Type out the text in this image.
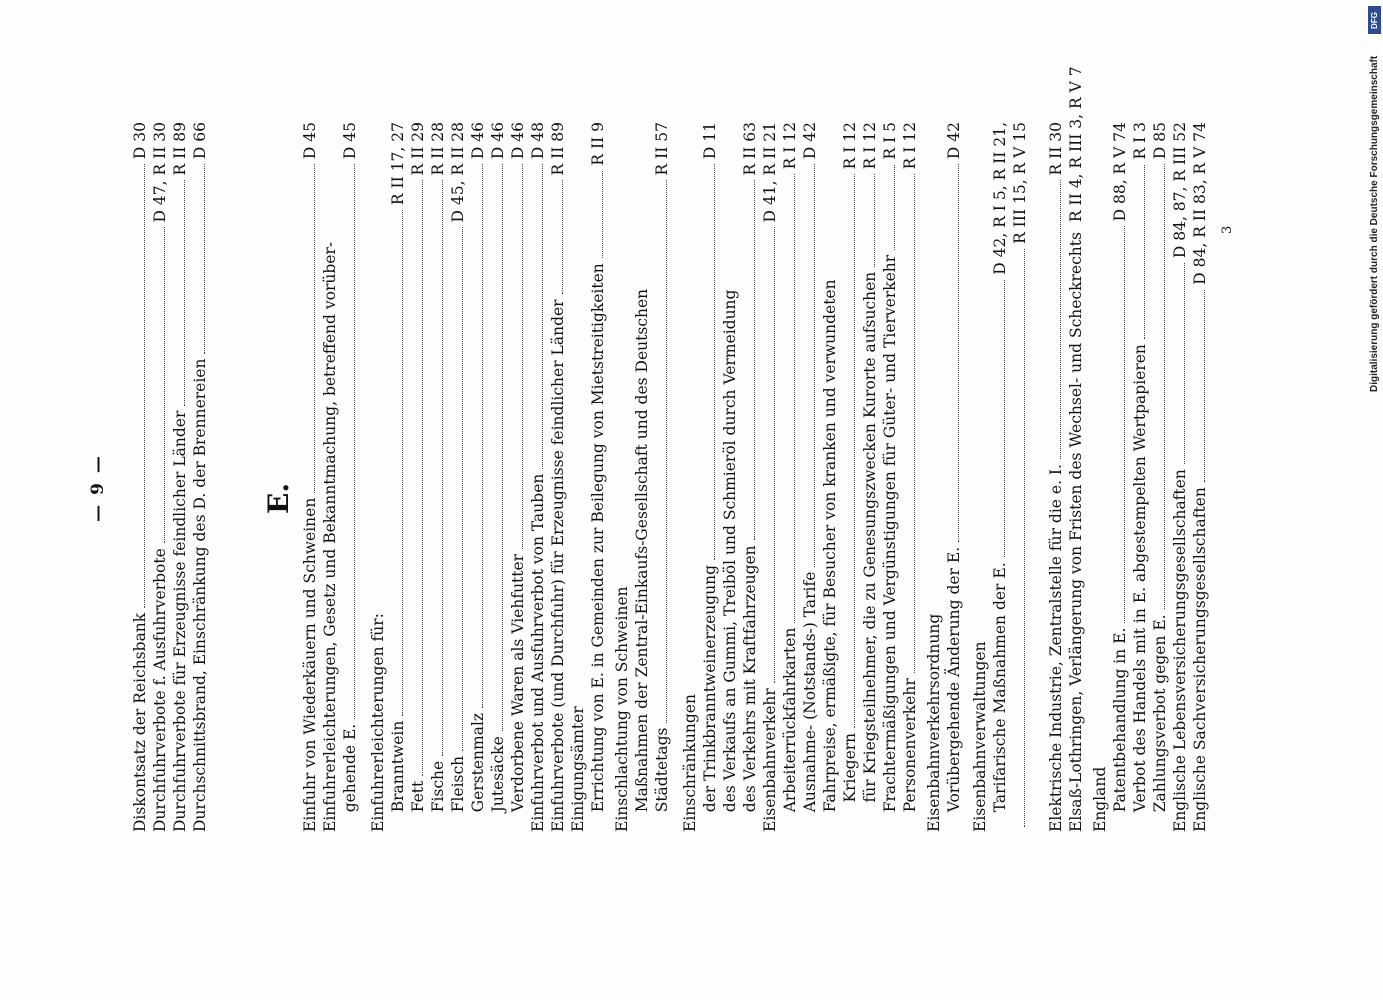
— 9 —	E.
Diskontsatz der Reichsbank
D 30
Durchfuhrverbote f. Ausfuhrverbote
D 47, R II 30
Durchfuhrverbote für Erzeugnisse feindlicher Länder
R II 89
Durchschnittsbrand, Einschränkung des D. der Brennereien
D 66
Einfuhr von Wiederkäuern und Schweinen
D 45
Einfuhrerleichterungen, Gesetz und Bekanntmachung, betreffend vorüber- gehende E.
D 45
Einfuhrerleichterungen für: Branntwein
R II 17, 27
Fett
R II 29
Fische
R II 28
Fleisch
D 45, R II 28
Gerstenmalz
D 46
Jutesäcke
D 46
Verdorbene Waren als Viehfutter
D 46
Einfuhrverbot und Ausfuhrverbot von Tauben
D 48
Einfuhrverbote (und Durchfuhr) für Erzeugnisse feindlicher Länder
R II 89
Einigungsämter Errichtung von E. in Gemeinden zur Beilegung von Mietstreitigkeiten
R II 9
Einschlachtung von Schweinen Maßnahmen der Zentral-Einkaufs-Gesellschaft und des Deutschen Städtetags
R II 57
Einschränkungen der Trinkbranntweinerzeugung
D 11
des Verkaufs an Gummi, Treiböl und Schmieröl durch Vermeidung des Verkehrs mit Kraftfahrzeugen
R II 63
Eisenbahnverkehr
D 41, R II 21
Arbeiterrückfahrkarten
R I 12
Ausnahme- (Notstands-) Tarife
D 42
Fahrpreise, ermäßigte, für Besucher von kranken und verwundeten Kriegern
R I 12
für Kriegsteilnehmer, die zu Genesungszwecken Kurorte aufsuchen
R I 12
Frachtermäßigungen und Vergünstigungen für Güter- und Tierverkehr
R I 5
Personenverkehr
R I 12
Eisenbahnverkehrsordnung Vorübergehende Änderung der E.
D 42
Eisenbahnverwaltungen Tarifarische Maßnahmen der E.
D 42, R I 5, R II 21, R III 15, R V 15
Elektrische Industrie, Zentralstelle für die e. I.
R II 30
Elsaß-Lothringen, Verlängerung von Fristen des Wechsel- und Scheckrechts
R II 4, R III 3, R V 7
England Patentbehandlung in E.
D 88, R V 74
Verbot des Handels mit in E. abgestempelten Wertpapieren
R I 3
Zahlungsverbot gegen E.
D 85
Englische Lebensversicherungsgesellschaften
D 84, 87, R III 52
Englische Sachversicherungsgesellschaften
D 84, R II 83, R V 74 3
DFG
Digitalisierung gefördert durch die Deutsche Forschungsgemeinschaft
